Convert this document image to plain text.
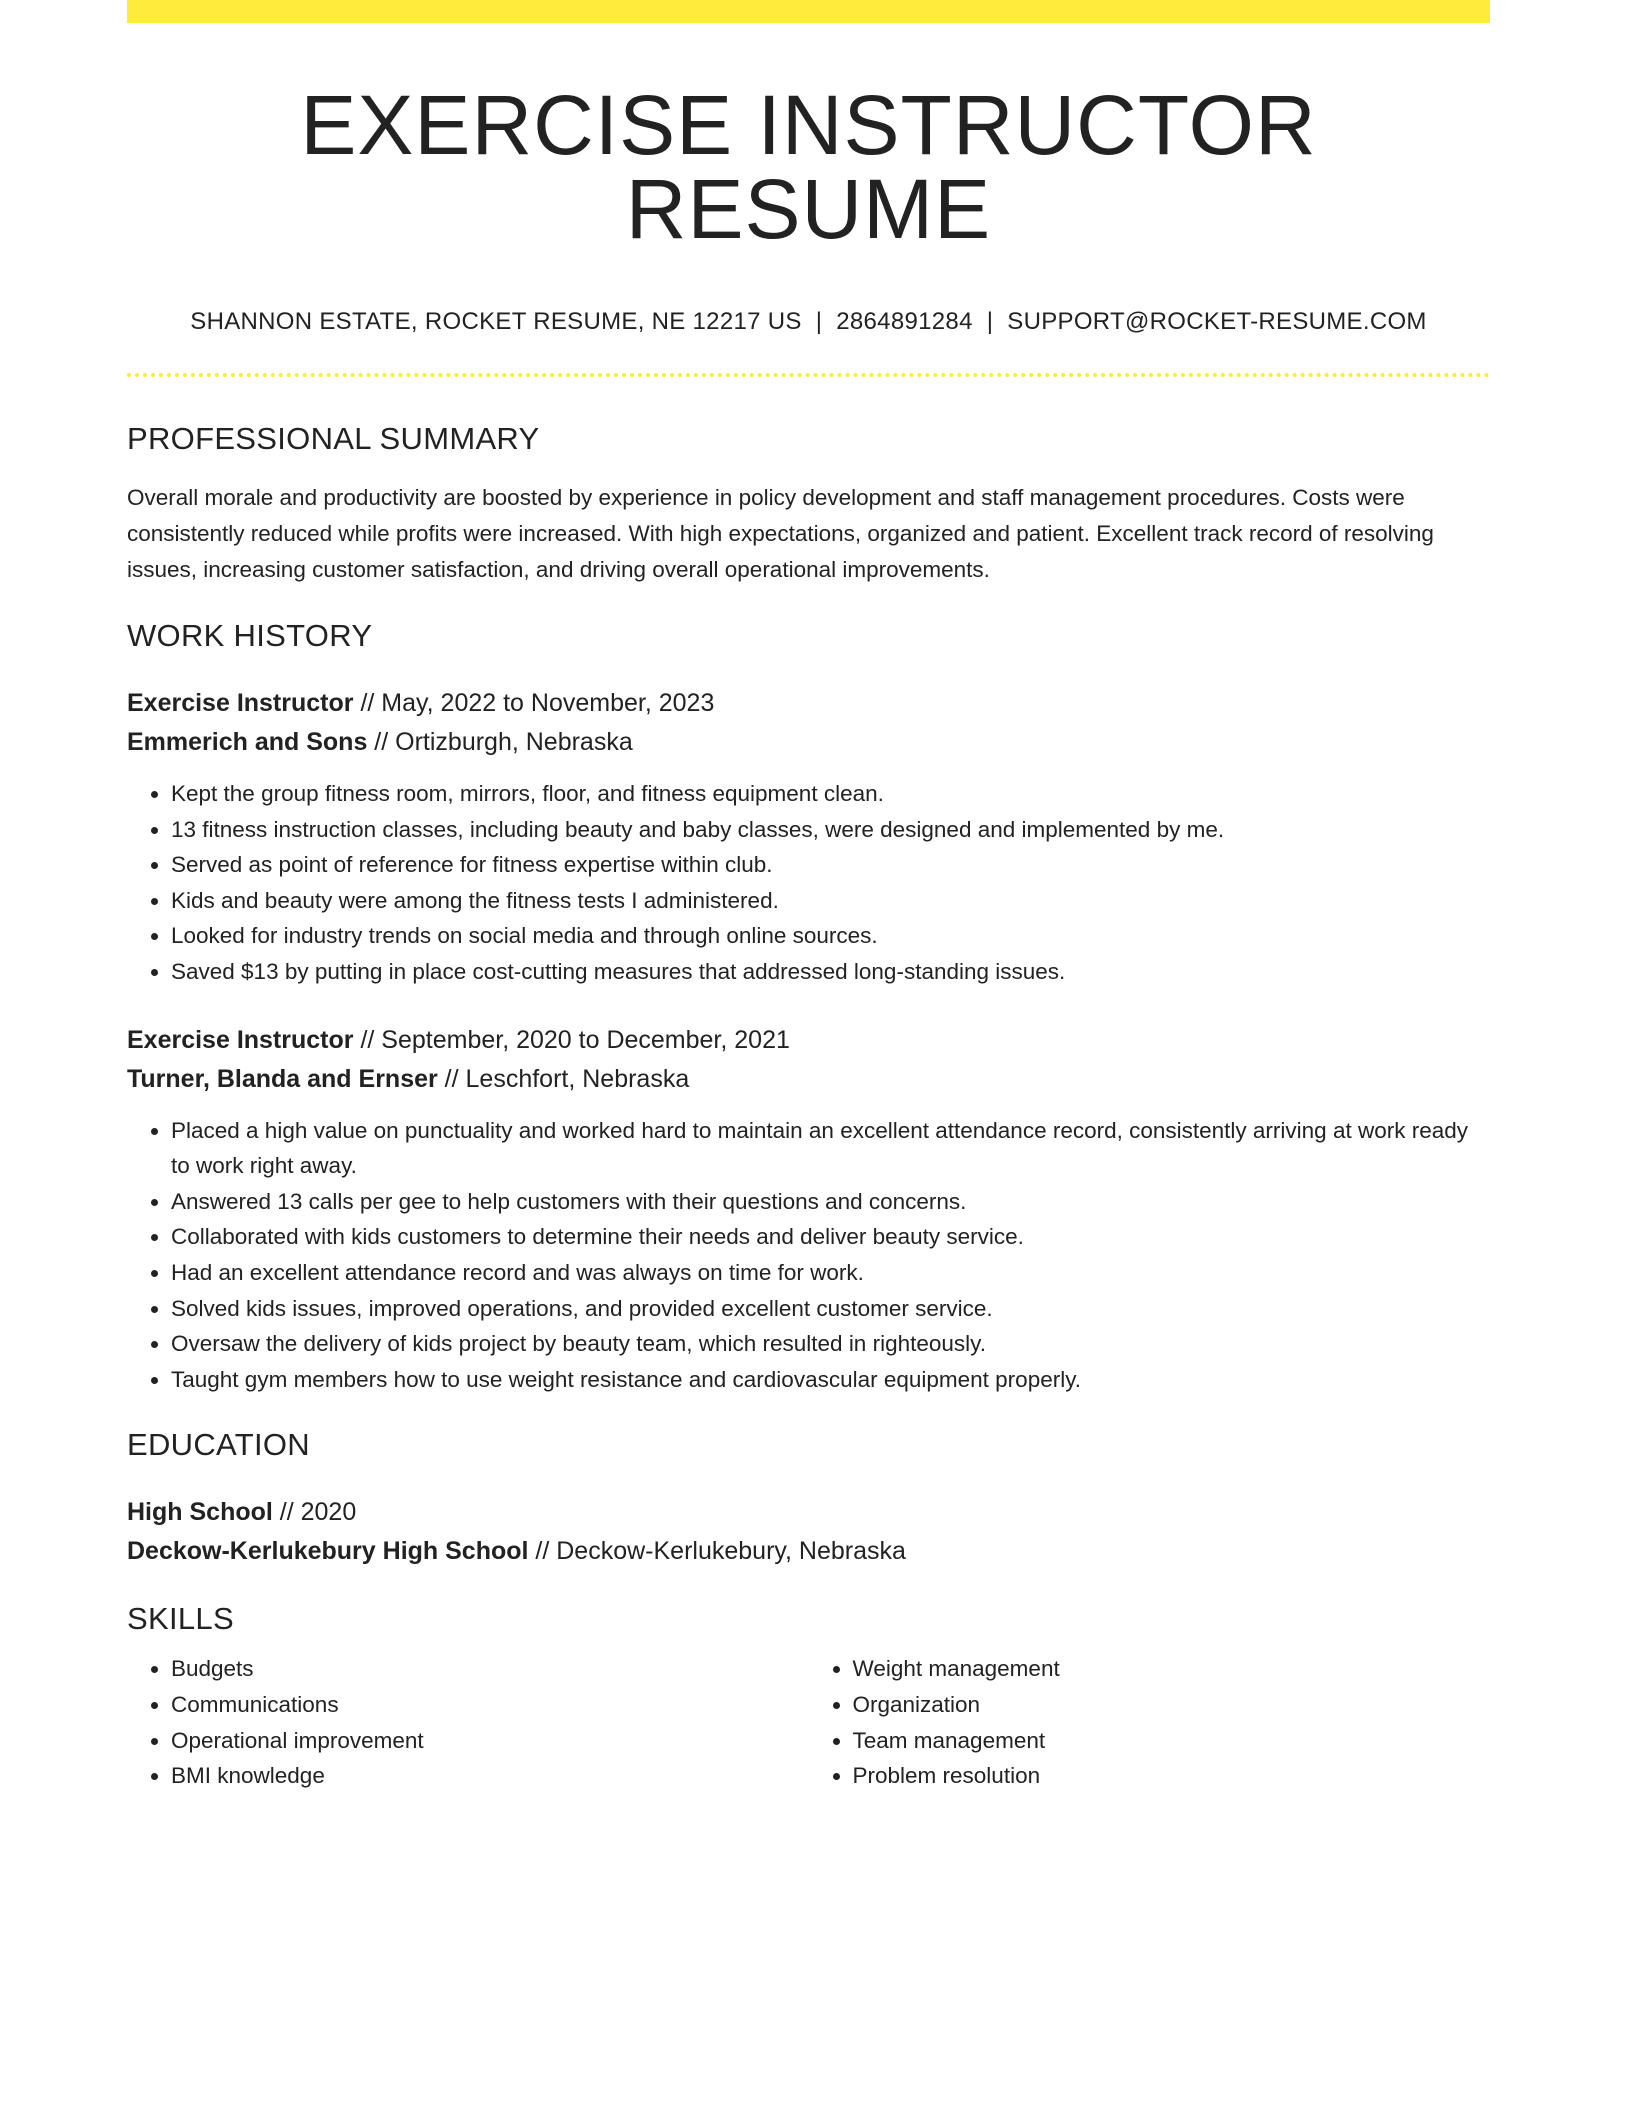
EXERCISE INSTRUCTOR RESUME
SHANNON ESTATE, ROCKET RESUME, NE 12217 US | 2864891284 | SUPPORT@ROCKET-RESUME.COM
PROFESSIONAL SUMMARY
Overall morale and productivity are boosted by experience in policy development and staff management procedures. Costs were consistently reduced while profits were increased. With high expectations, organized and patient. Excellent track record of resolving issues, increasing customer satisfaction, and driving overall operational improvements.
WORK HISTORY
Exercise Instructor // May, 2022 to November, 2023
Emmerich and Sons // Ortizburgh, Nebraska
• Kept the group fitness room, mirrors, floor, and fitness equipment clean.
• 13 fitness instruction classes, including beauty and baby classes, were designed and implemented by me.
• Served as point of reference for fitness expertise within club.
• Kids and beauty were among the fitness tests I administered.
• Looked for industry trends on social media and through online sources.
• Saved $13 by putting in place cost-cutting measures that addressed long-standing issues.
Exercise Instructor // September, 2020 to December, 2021
Turner, Blanda and Ernser // Leschfort, Nebraska
• Placed a high value on punctuality and worked hard to maintain an excellent attendance record, consistently arriving at work ready to work right away.
• Answered 13 calls per gee to help customers with their questions and concerns.
• Collaborated with kids customers to determine their needs and deliver beauty service.
• Had an excellent attendance record and was always on time for work.
• Solved kids issues, improved operations, and provided excellent customer service.
• Oversaw the delivery of kids project by beauty team, which resulted in righteously.
• Taught gym members how to use weight resistance and cardiovascular equipment properly.
EDUCATION
High School // 2020
Deckow-Kerlukebury High School // Deckow-Kerlukebury, Nebraska
SKILLS
• Budgets
• Communications
• Operational improvement
• BMI knowledge
• Weight management
• Organization
• Team management
• Problem resolution
